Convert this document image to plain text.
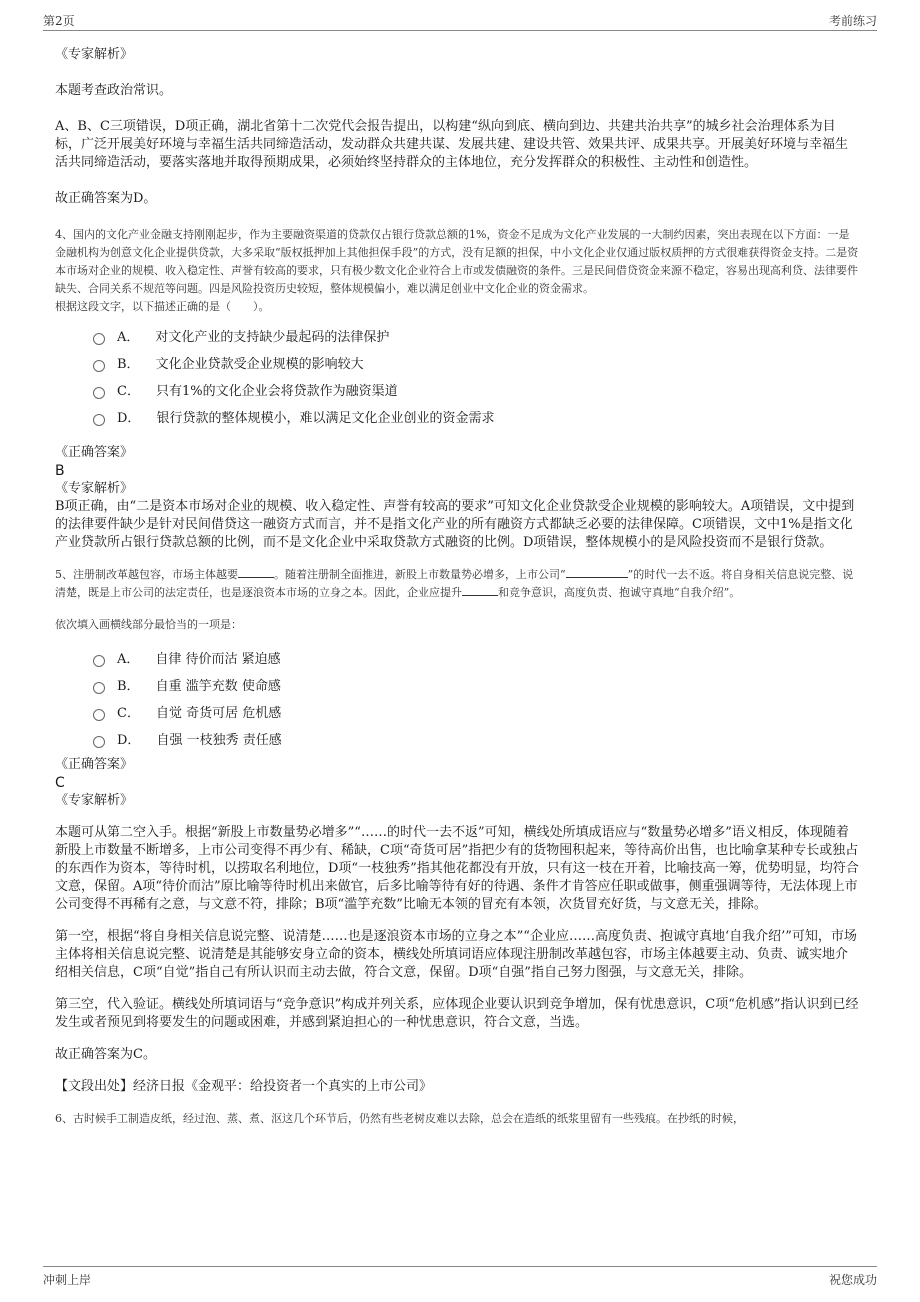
第2页	考前练习

《专家解析》

本题考查政治常识。

A、B、C三项错误，D项正确，湖北省第十二次党代会报告提出，以构建“纵向到底、横向到边、共建共治共享”的城乡社会治理体系为目标，广泛开展美好环境与幸福生活共同缔造活动，发动群众共建共谋、发展共建、建设共管、效果共评、成果共享。开展美好环境与幸福生活共同缔造活动，要落实落地并取得预期成果，必须始终坚持群众的主体地位，充分发挥群众的积极性、主动性和创造性。

故正确答案为D。

4、国内的文化产业金融支持刚刚起步，作为主要融资渠道的贷款仅占银行贷款总额的1%，资金不足成为文化产业发展的一大制约因素，突出表现在以下方面：一是金融机构为创意文化企业提供贷款，大多采取“版权抵押加上其他担保手段”的方式，没有足额的担保，中小文化企业仅通过版权质押的方式很难获得资金支持。二是资本市场对企业的规模、收入稳定性、声誉有较高的要求，只有极少数文化企业符合上市或发债融资的条件。三是民间借贷资金来源不稳定，容易出现高利贷、法律要件缺失、合同关系不规范等问题。四是风险投资历史较短，整体规模偏小，难以满足创业中文化企业的资金需求。

根据这段文字，以下描述正确的是（　　）。

A． 对文化产业的支持缺少最起码的法律保护
B． 文化企业贷款受企业规模的影响较大
C． 只有1%的文化企业会将贷款作为融资渠道
D． 银行贷款的整体规模小，难以满足文化企业创业的资金需求

《正确答案》

B

《专家解析》

B项正确，由“二是资本市场对企业的规模、收入稳定性、声誉有较高的要求”可知文化企业贷款受企业规模的影响较大。A项错误，文中提到的法律要件缺少是针对民间借贷这一融资方式而言，并不是指文化产业的所有融资方式都缺乏必要的法律保障。C项错误，文中1%是指文化产业贷款所占银行贷款总额的比例，而不是文化企业中采取贷款方式融资的比例。D项错误，整体规模小的是风险投资而不是银行贷款。

5、注册制改革越包容，市场主体越要	。随着注册制全面推进，新股上市数量势必增多，上市公司“	”的时代一去不返。将自身相关信息说完整、说清楚，既是上市公司的法定责任，也是逐浪资本市场的立身之本。因此，企业应提升	和竞争意识，高度负责、抱诚守真地“自我介绍”。

依次填入画横线部分最恰当的一项是：

A． 自律 待价而沽 紧迫感
B． 自重 滥竽充数 使命感
C． 自觉 奇货可居 危机感
D． 自强 一枝独秀 责任感

《正确答案》

C

《专家解析》

本题可从第二空入手。根据“新股上市数量势必增多”“……的时代一去不返”可知，横线处所填成语应与“数量势必增多”语义相反，体现随着新股上市数量不断增多，上市公司变得不再少有、稀缺，C项“奇货可居”指把少有的货物囤积起来，等待高价出售，也比喻拿某种专长或独占的东西作为资本，等待时机，以捞取名利地位，D项“一枝独秀”指其他花都没有开放，只有这一枝在开着，比喻技高一筹，优势明显，均符合文意，保留。A项“待价而沽”原比喻等待时机出来做官，后多比喻等待有好的待遇、条件才肯答应任职或做事，侧重强调等待，无法体现上市公司变得不再稀有之意，与文意不符，排除；B项“滥竽充数”比喻无本领的冒充有本领，次货冒充好货，与文意无关，排除。

第一空，根据“将自身相关信息说完整、说清楚……也是逐浪资本市场的立身之本”“企业应……高度负责、抱诚守真地‘自我介绍’”可知，市场主体将相关信息说完整、说清楚是其能够安身立命的资本，横线处所填词语应体现注册制改革越包容，市场主体越要主动、负责、诚实地介绍相关信息，C项“自觉”指自己有所认识而主动去做，符合文意，保留。D项“自强”指自己努力图强，与文意无关，排除。

第三空，代入验证。横线处所填词语与“竞争意识”构成并列关系，应体现企业要认识到竞争增加，保有忧患意识，C项“危机感”指认识到已经发生或者预见到将要发生的问题或困难，并感到紧迫担心的一种忧患意识，符合文意，当选。

故正确答案为C。

【文段出处】经济日报《金观平：给投资者一个真实的上市公司》

6、古时候手工制造皮纸，经过泡、蒸、煮、沤这几个环节后，仍然有些老树皮难以去除，总会在造纸的纸浆里留有一些残痕。在抄纸的时候，

冲刺上岸	祝您成功
